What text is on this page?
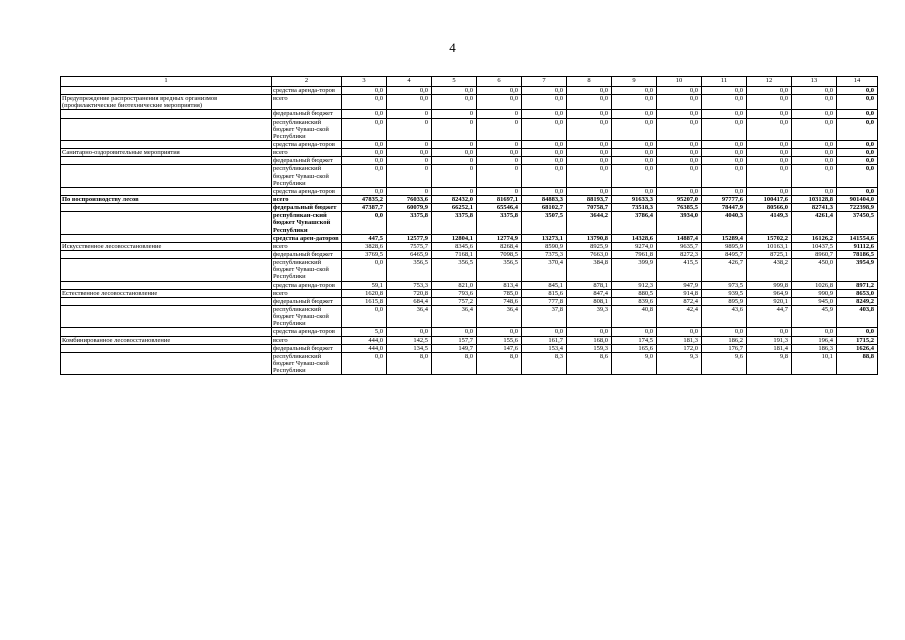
4
1	2	3	4	5	6	7	8	9	10	11	12	13	14
	средства аренда-торов	0,0	0,0	0,0	0,0	0,0	0,0	0,0	0,0	0,0	0,0	0,0	0,0
Предупреждение распространения вредных организмов (профилактические биотехнические мероприятия)	всего	0,0	0,0	0,0	0,0	0,0	0,0	0,0	0,0	0,0	0,0	0,0	0,0
	федеральный бюджет	0,0	0	0	0	0,0	0,0	0,0	0,0	0,0	0,0	0,0	0,0
	республиканский бюджет Чуваш-ской Республики	0,0	0	0	0	0,0	0,0	0,0	0,0	0,0	0,0	0,0	0,0
	средства аренда-торов	0,0	0	0	0	0,0	0,0	0,0	0,0	0,0	0,0	0,0	0,0
Санитарно-оздоровительные мероприятия	всего	0,0	0,0	0,0	0,0	0,0	0,0	0,0	0,0	0,0	0,0	0,0	0,0
	федеральный бюджет	0,0	0	0	0	0,0	0,0	0,0	0,0	0,0	0,0	0,0	0,0
	республиканский бюджет Чуваш-ской Республики	0,0	0	0	0	0,0	0,0	0,0	0,0	0,0	0,0	0,0	0,0
	средства аренда-торов	0,0	0	0	0	0,0	0,0	0,0	0,0	0,0	0,0	0,0	0,0
По воспроизводству лесов	всего	47835,2	76033,6	82432,0	81697,1	84883,3	88193,7	91633,3	95207,0	97777,6	100417,6	103128,8	901404,0
	федеральный бюджет	47387,7	60079,9	66252,1	65546,4	68102,7	70758,7	73518,3	76385,5	78447,9	80566,0	82741,3	722398,9
	республикан-ский бюджет Чувашской Республики	0,0	3375,8	3375,8	3375,8	3507,5	3644,2	3786,4	3934,0	4040,3	4149,3	4261,4	37450,5
	средства арен-даторов	447,5	12577,9	12804,1	12774,9	13273,1	13790,8	14328,6	14887,4	15289,4	15702,2	16126,2	141554,6
Искусственное лесовосстановление	всего	3828,6	7575,7	8345,6	8268,4	8590,9	8925,9	9274,0	9635,7	9895,9	10163,1	10437,5	91112,6
	федеральный бюджет	3769,5	6465,9	7168,1	7098,5	7375,3	7663,0	7961,8	8272,3	8495,7	8725,1	8960,7	78186,5
	республиканский бюджет Чуваш-ской Республики	0,0	356,5	356,5	356,5	370,4	384,8	399,9	415,5	426,7	438,2	450,0	3954,9
	средства аренда-торов	59,1	753,3	821,0	813,4	845,1	878,1	912,3	947,9	973,5	999,8	1026,8	8971,2
Естественное лесовосстановление	всего	1620,8	720,8	793,6	785,0	815,6	847,4	880,5	914,8	939,5	964,9	990,9	8653,0
	федеральный бюджет	1615,8	684,4	757,2	748,6	777,8	808,1	839,6	872,4	895,9	920,1	945,0	8249,2
	республиканский бюджет Чуваш-ской Республики	0,0	36,4	36,4	36,4	37,8	39,3	40,8	42,4	43,6	44,7	45,9	403,8
	средства аренда-торов	5,0	0,0	0,0	0,0	0,0	0,0	0,0	0,0	0,0	0,0	0,0	0,0
Комбинированное лесовосстановление	всего	444,0	142,5	157,7	155,6	161,7	168,0	174,5	181,3	186,2	191,3	196,4	1715,2
	федеральный бюджет	444,0	134,5	149,7	147,6	153,4	159,3	165,6	172,0	176,7	181,4	186,3	1626,4
	республиканский бюджет Чуваш-ской Республики	0,0	8,0	8,0	8,0	8,3	8,6	9,0	9,3	9,6	9,8	10,1	88,8
